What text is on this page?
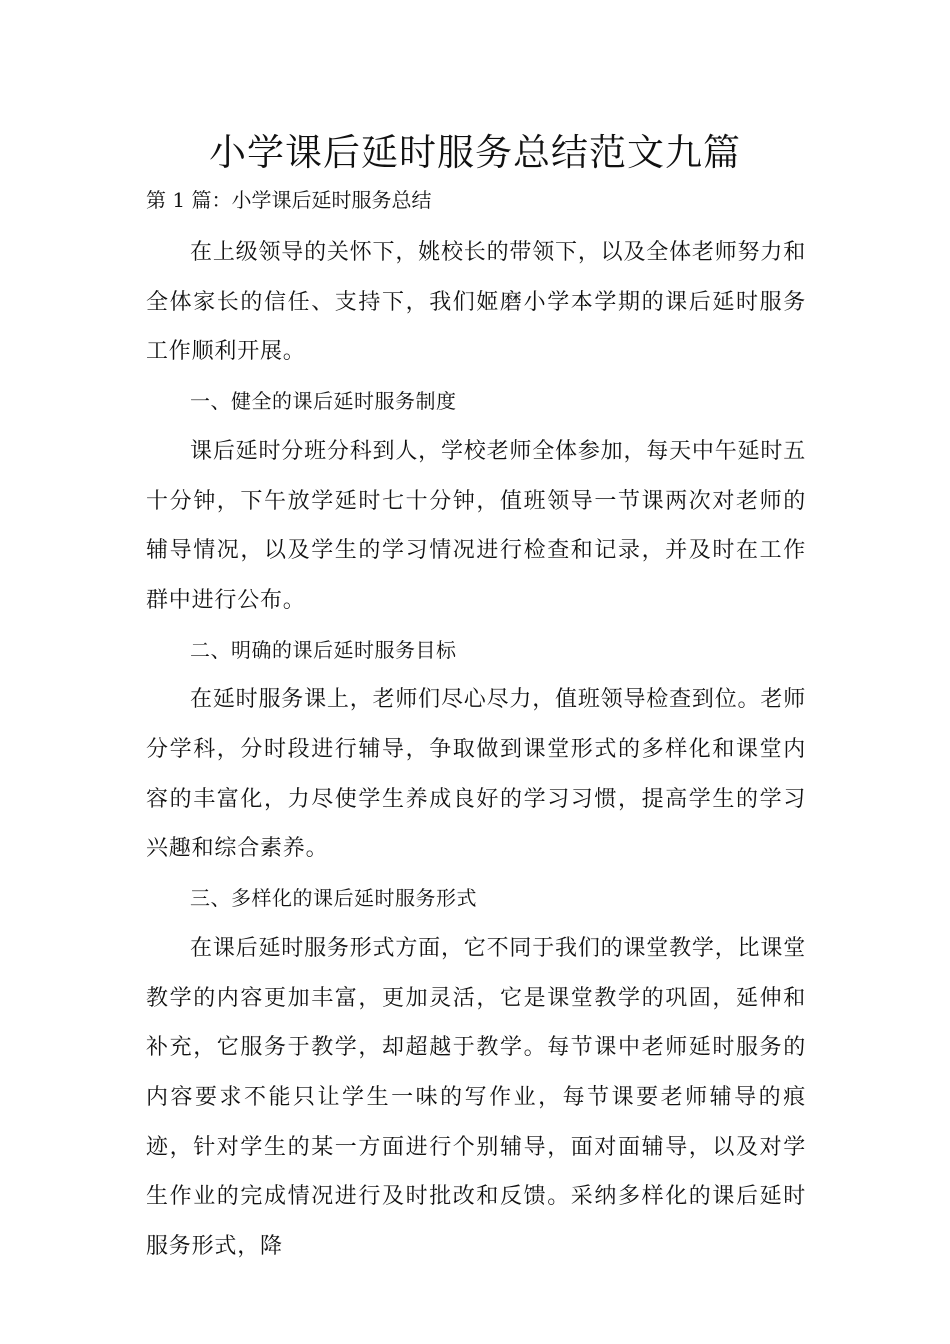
小学课后延时服务总结范文九篇

第 1 篇：小学课后延时服务总结

在上级领导的关怀下，姚校长的带领下，以及全体老师努力和全体家长的信任、支持下，我们姬磨小学本学期的课后延时服务工作顺利开展。

一、健全的课后延时服务制度

课后延时分班分科到人，学校老师全体参加，每天中午延时五十分钟，下午放学延时七十分钟，值班领导一节课两次对老师的辅导情况，以及学生的学习情况进行检查和记录，并及时在工作群中进行公布。

二、明确的课后延时服务目标

在延时服务课上，老师们尽心尽力，值班领导检查到位。老师分学科，分时段进行辅导，争取做到课堂形式的多样化和课堂内容的丰富化，力尽使学生养成良好的学习习惯，提高学生的学习兴趣和综合素养。

三、多样化的课后延时服务形式

在课后延时服务形式方面，它不同于我们的课堂教学，比课堂教学的内容更加丰富，更加灵活，它是课堂教学的巩固，延伸和补充，它服务于教学，却超越于教学。每节课中老师延时服务的内容要求不能只让学生一味的写作业，每节课要老师辅导的痕迹，针对学生的某一方面进行个别辅导，面对面辅导，以及对学生作业的完成情况进行及时批改和反馈。采纳多样化的课后延时服务形式，降
